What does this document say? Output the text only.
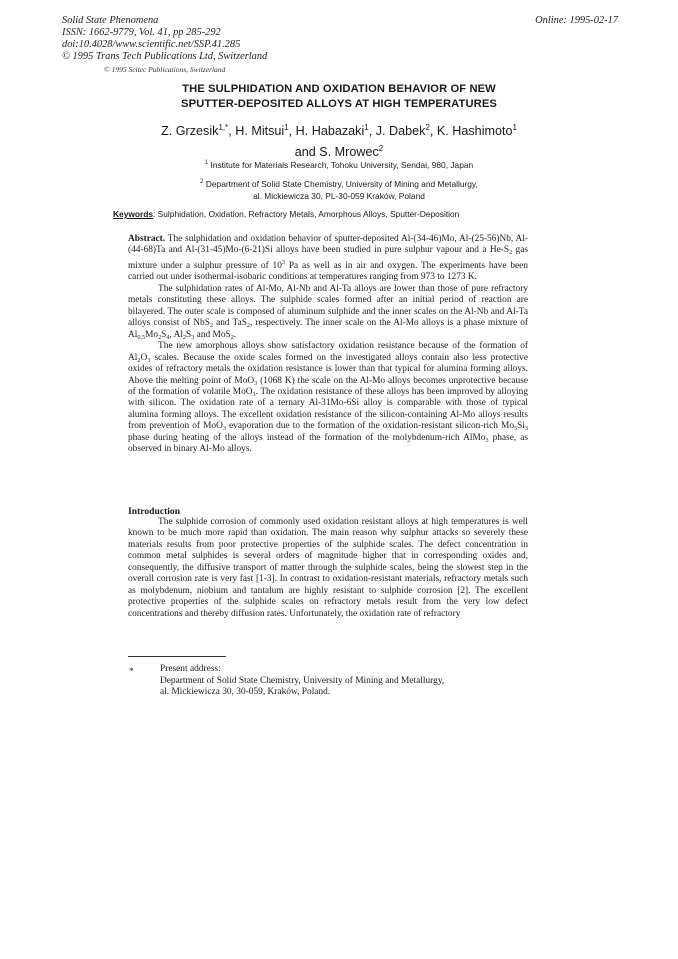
Solid State Phenomena
ISSN: 1662-9779, Vol. 41, pp 285-292
doi:10.4028/www.scientific.net/SSP.41.285
© 1995 Trans Tech Publications Ltd, Switzerland
Online: 1995-02-17
© 1995 Scitec Publications, Switzerland
THE SULPHIDATION AND OXIDATION BEHAVIOR OF NEW
SPUTTER-DEPOSITED ALLOYS AT HIGH TEMPERATURES
Z. Grzesik$^{1,*}$, H. Mitsui$^1$, H. Habazaki$^1$, J. Dabek$^2$, K. Hashimoto$^1$
and S. Mrowec$^2$
$^1$ Institute for Materials Research, Tohoku University, Sendai, 980, Japan
$^2$ Department of Solid State Chemistry, University of Mining and Metallurgy,
al. Mickiewicza 30, PL-30-059 Kraków, Poland
Keywords: Sulphidation, Oxidation, Refractory Metals, Amorphous Alloys, Sputter-Deposition

Abstract. The sulphidation and oxidation behavior of sputter-deposited Al-(34-46)Mo, Al-(25-56)Nb, Al-(44-68)Ta and Al-(31-45)Mo-(6-21)Si alloys have been studied in pure sulphur vapour and a $He-S_2$ gas mixture under a sulphur pressure of $10^3$ Pa as well as in air and oxygen. The experiments have been carried out under isothermal-isobaric conditions at temperatures ranging from 973 to 1273 K.

The sulphidation rates of Al-Mo, Al-Nb and Al-Ta alloys are lower than those of pure refractory metals constituting these alloys. The sulphide scales formed after an initial period of reaction are bilayered. The outer scale is composed of aluminum sulphide and the inner scales on the Al-Nb and Al-Ta alloys consist of NbS$_2$ and TaS$_2$, respectively. The inner scale on the Al-Mo alloys is a phase mixture of $Al_{0.5}Mo_2S_4$, $Al_2S_3$ and MoS$_2$.

The new amorphous alloys show satisfactory oxidation resistance because of the formation of $Al_2O_3$ scales. Because the oxide scales formed on the investigated alloys contain also less protective oxides of refractory metals the oxidation resistance is lower than that typical for alumina forming alloys. Above the melting point of MoO$_3$ (1068 K) the scale on the Al-Mo alloys becomes unprotective because of the formation of volatile MoO$_3$. The oxidation resistance of these alloys has been improved by alloying with silicon. The oxidation rate of a ternary Al-31Mo-6Si alloy is comparable with those of typical alumina forming alloys. The excellent oxidation resistance of the silicon-containing Al-Mo alloys results from prevention of MoO$_3$ evaporation due to the formation of the oxidation-resistant silicon-rich $Mo_5Si_3$ phase during heating of the alloys instead of the formation of the molybdenum-rich AlMo$_3$ phase, as observed in binary Al-Mo alloys.

Introduction

The sulphide corrosion of commonly used oxidation resistant alloys at high temperatures is well known to be much more rapid than oxidation. The main reason why sulphur attacks so severely these materials results from poor protective properties of the sulphide scales. The defect concentration in common metal sulphides is several orders of magnitude higher that in corresponding oxides and, consequently, the diffusive transport of matter through the sulphide scales, being the slowest step in the overall corrosion rate is very fast [1-3]. In contrast to oxidation-resistant materials, refractory metals such as molybdenum, niobium and tantalum are highly resistant to sulphide corrosion [2]. The excellent protective properties of the sulphide scales on refractory metals result from the very low defect concentrations and thereby diffusion rates. Unfortunately, the oxidation rate of refractory

*	Present address:
Department of Solid State Chemistry, University of Mining and Metallurgy,
al. Mickiewicza 30, 30-059, Kraków, Poland.
